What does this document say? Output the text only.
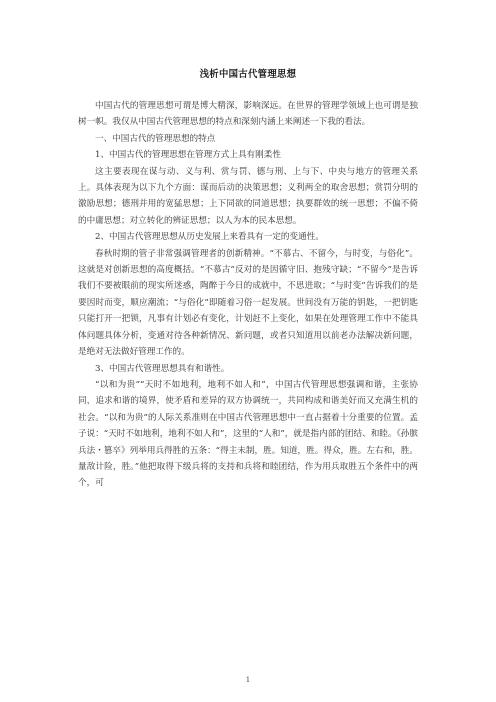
浅析中国古代管理思想

中国古代的管理思想可谓是博大精深，影响深远。在世界的管理学领域上也可谓是独树一帜。我仅从中国古代管理思想的特点和深刻内涵上来阐述一下我的看法。

一、中国古代的管理思想的特点

1、中国古代的管理思想在管理方式上具有刚柔性

这主要表现在谋与动、义与利、赏与罚、德与刑、上与下、中央与地方的管理关系上。具体表现为以下九个方面：谋而后动的决策思想；义利两全的取舍思想；赏罚分明的激励思想；德刑并用的宽猛思想；上下同欲的同道思想；执要群效的统一思想；不偏不倚的中庸思想；对立转化的辨证思想；以人为本的民本思想。

2、中国古代管理思想从历史发展上来看具有一定的变通性。

春秋时期的管子非常强调管理者的创新精神。“不慕古、不留今，与时变，与俗化”。这就是对创新思想的高度概括。“不慕古”反对的是因循守旧、抱残守缺；“不留今”是告诉我们不要被眼前的现实所迷惑，陶醉于今日的成就中，不思进取；“与时变”告诉我们的是要因时而变，顺应潮流；“与俗化”即随着习俗一起发展。世间没有万能的钥匙，一把钥匙只能打开一把锁，凡事有计划必有变化，计划赶不上变化，如果在处理管理工作中不能具体问题具体分析，变通对待各种新情况、新问题，或者只知道用以前老办法解决新问题，是绝对无法做好管理工作的。

3、中国古代管理思想具有和谐性。

“以和为贵”“天时不如地利，地利不如人和”，中国古代管理思想强调和谐，主张协同，追求和谐的境界，使矛盾和差异的双方协调统一，共同构成和谐美好而又充满生机的社会。“以和为贵”的人际关系准则在中国古代管理思想中一直占据着十分重要的位置。孟子说：“天时不如地利，地利不如人和”，这里的“人和”，就是指内部的团结、和睦。《孙膑兵法・篡卒》列举用兵得胜的五条：“得主未制，胜。知道，胜。得众，胜。左右和，胜。量敌计险，胜。”他把取得下级兵将的支持和兵将和睦团结，作为用兵取胜五个条件中的两个，可

1
